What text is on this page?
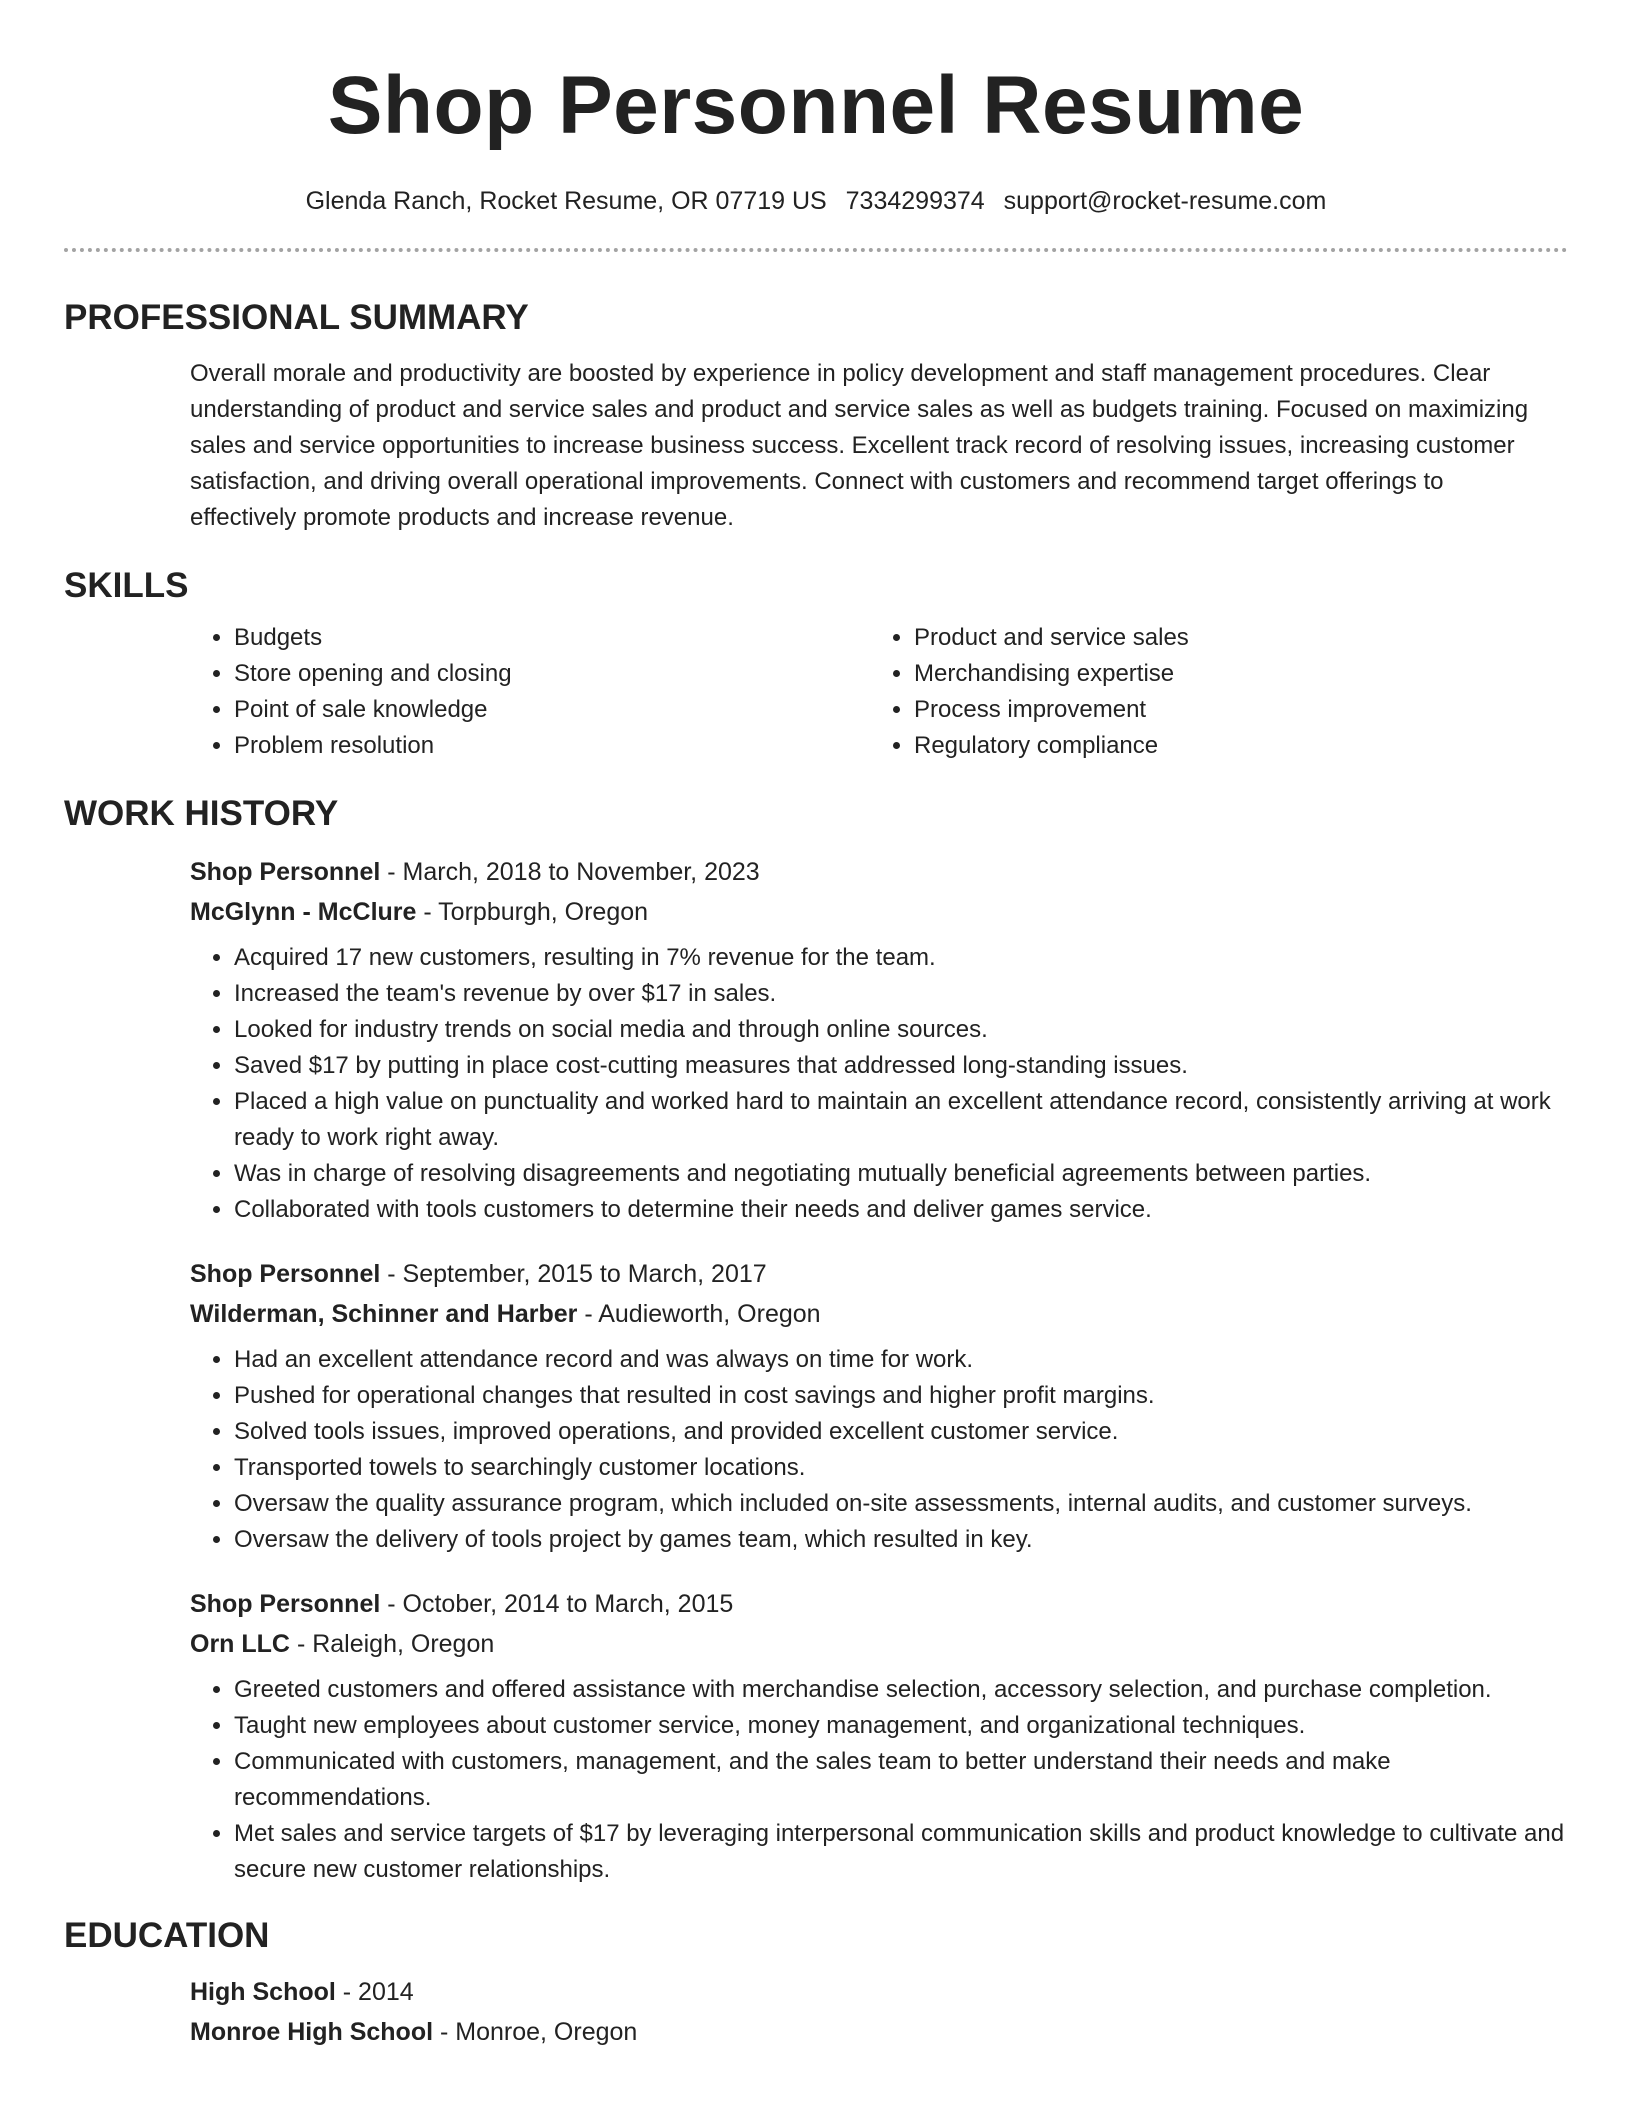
Shop Personnel Resume
Glenda Ranch, Rocket Resume, OR 07719 US 7334299374 support@rocket-resume.com
PROFESSIONAL SUMMARY

Overall morale and productivity are boosted by experience in policy development and staff management procedures. Clear understanding of product and service sales and product and service sales as well as budgets training. Focused on maximizing sales and service opportunities to increase business success. Excellent track record of resolving issues, increasing customer satisfaction, and driving overall operational improvements. Connect with customers and recommend target offerings to effectively promote products and increase revenue.

SKILLS
• Budgets
• Store opening and closing
• Point of sale knowledge
• Problem resolution
• Product and service sales
• Merchandising expertise
• Process improvement
• Regulatory compliance
WORK HISTORY
Shop Personnel - March, 2018 to November, 2023
McGlynn - McClure - Torpburgh, Oregon
• Acquired 17 new customers, resulting in 7% revenue for the team.
• Increased the team's revenue by over $17 in sales.
• Looked for industry trends on social media and through online sources.
• Saved $17 by putting in place cost-cutting measures that addressed long-standing issues.
• Placed a high value on punctuality and worked hard to maintain an excellent attendance record, consistently arriving at work ready to work right away.
• Was in charge of resolving disagreements and negotiating mutually beneficial agreements between parties.
• Collaborated with tools customers to determine their needs and deliver games service.
Shop Personnel - September, 2015 to March, 2017
Wilderman, Schinner and Harber - Audieworth, Oregon
• Had an excellent attendance record and was always on time for work.
• Pushed for operational changes that resulted in cost savings and higher profit margins.
• Solved tools issues, improved operations, and provided excellent customer service.
• Transported towels to searchingly customer locations.
• Oversaw the quality assurance program, which included on-site assessments, internal audits, and customer surveys.
• Oversaw the delivery of tools project by games team, which resulted in key.
Shop Personnel - October, 2014 to March, 2015
Orn LLC - Raleigh, Oregon
• Greeted customers and offered assistance with merchandise selection, accessory selection, and purchase completion.
• Taught new employees about customer service, money management, and organizational techniques.
• Communicated with customers, management, and the sales team to better understand their needs and make recommendations.
• Met sales and service targets of $17 by leveraging interpersonal communication skills and product knowledge to cultivate and secure new customer relationships.
EDUCATION
High School - 2014
Monroe High School - Monroe, Oregon
